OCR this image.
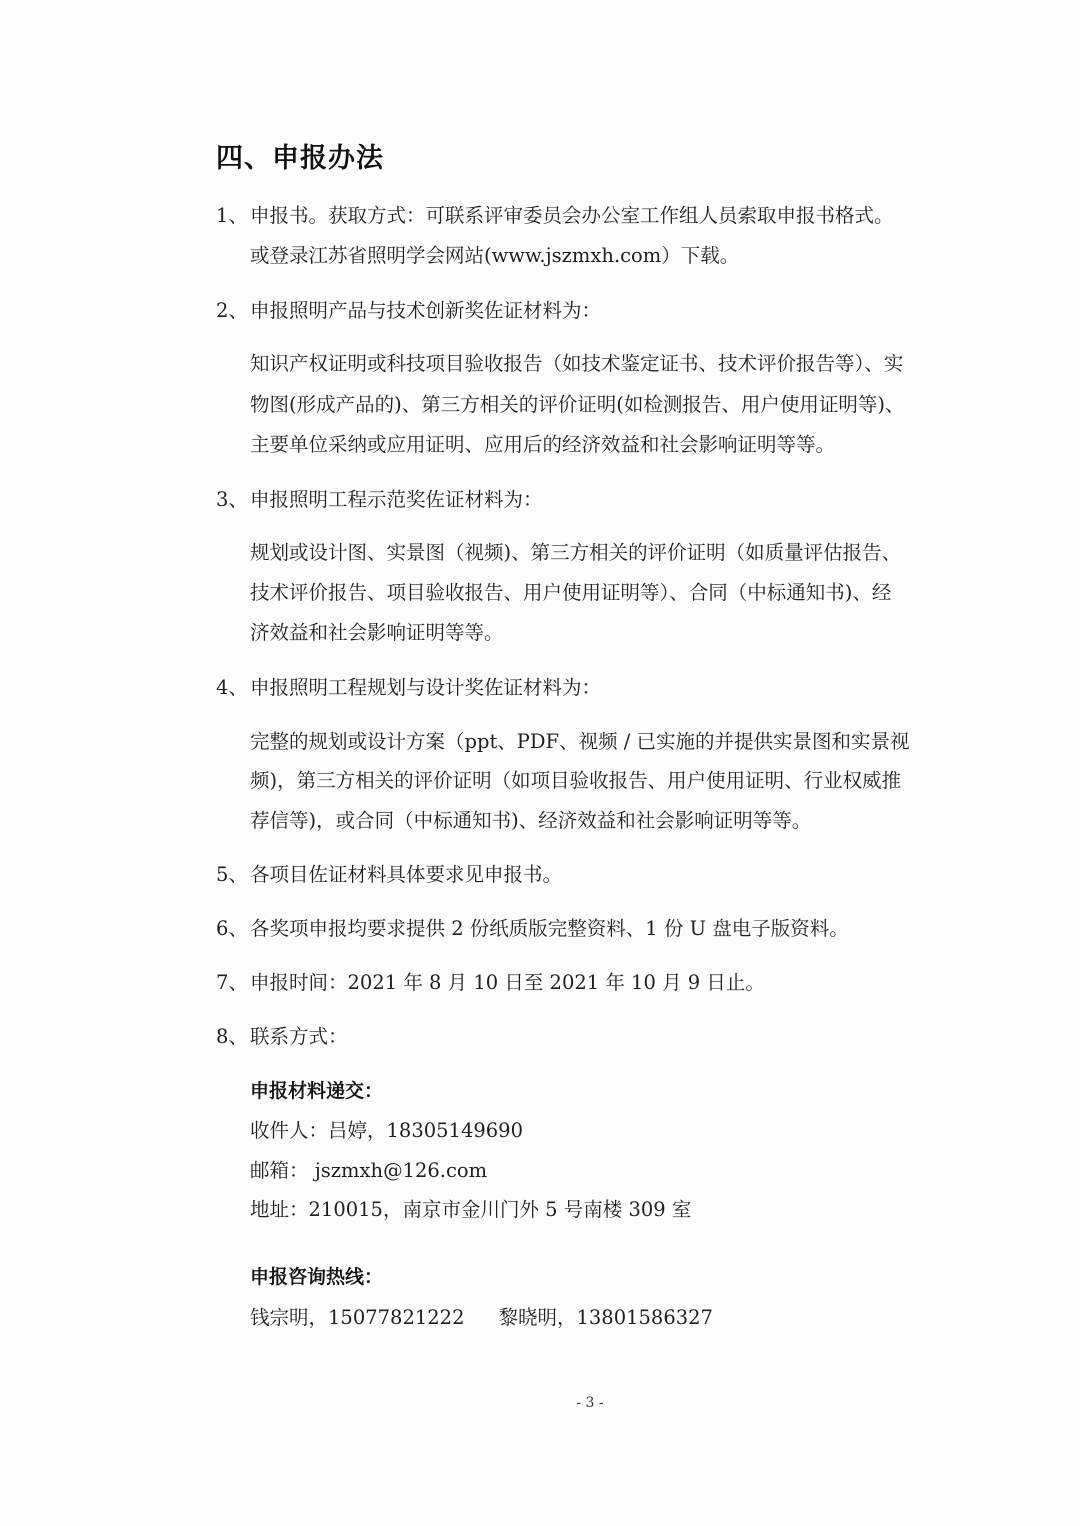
四、申报办法
1、 申报书。获取方式：可联系评审委员会办公室工作组人员索取申报书格式。
或登录江苏省照明学会网站(www.jszmxh.com）下载。
2、 申报照明产品与技术创新奖佐证材料为：
知识产权证明或科技项目验收报告（如技术鉴定证书、技术评价报告等）、实
物图(形成产品的)、第三方相关的评价证明(如检测报告、用户使用证明等)、
主要单位采纳或应用证明、应用后的经济效益和社会影响证明等等。
3、 申报照明工程示范奖佐证材料为：
规划或设计图、实景图（视频)、第三方相关的评价证明（如质量评估报告、
技术评价报告、项目验收报告、用户使用证明等）、合同（中标通知书)、经
济效益和社会影响证明等等。
4、 申报照明工程规划与设计奖佐证材料为：
完整的规划或设计方案（ppt、PDF、视频 / 已实施的并提供实景图和实景视
频)，第三方相关的评价证明（如项目验收报告、用户使用证明、行业权威推
荐信等)，或合同（中标通知书)、经济效益和社会影响证明等等。
5、 各项目佐证材料具体要求见申报书。
6、 各奖项申报均要求提供 2 份纸质版完整资料、1 份 U 盘电子版资料。
7、 申报时间：2021 年 8 月 10 日至 2021 年 10 月 9 日止。
8、 联系方式：
申报材料递交：
收件人：吕婷，18305149690
邮箱： jszmxh@126.com
地址：210015，南京市金川门外 5 号南楼 309 室
申报咨询热线：
钱宗明，15077821222 黎晓明，13801586327
- 3 -
